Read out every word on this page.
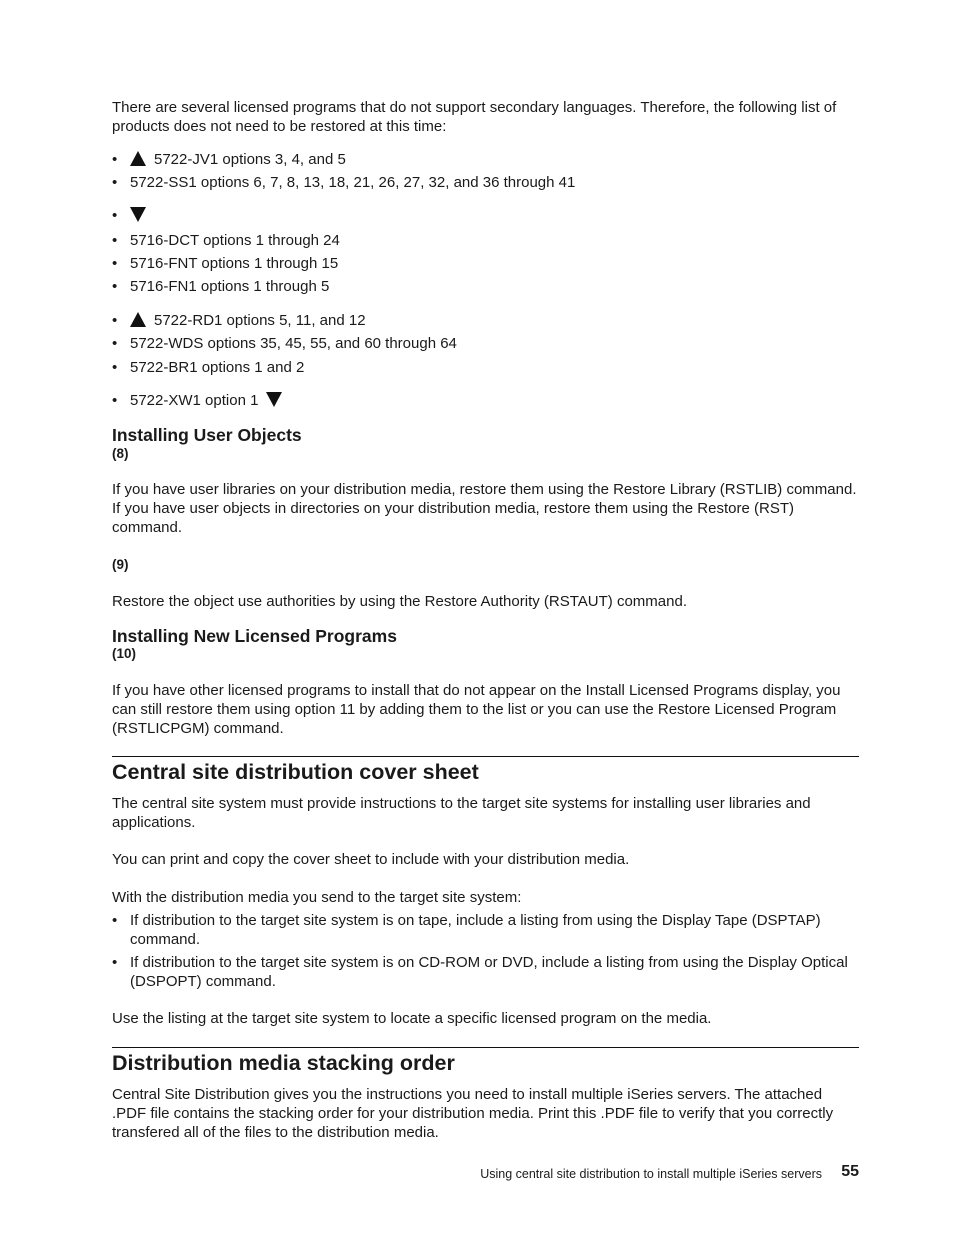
There are several licensed programs that do not support secondary languages. Therefore, the following list of products does not need to be restored at this time:

•	5722-JV1 options 3, 4, and 5
• 5722-SS1 options 6, 7, 8, 13, 18, 21, 26, 27, 32, and 36 through 41
•
• 5716-DCT options 1 through 24
• 5716-FNT options 1 through 15
• 5716-FN1 options 1 through 5
•	5722-RD1 options 5, 11, and 12
• 5722-WDS options 35, 45, 55, and 60 through 64
• 5722-BR1 options 1 and 2
• 5722-XW1 option 1
Installing User Objects
(8)

If you have user libraries on your distribution media, restore them using the Restore Library (RSTLIB) command. If you have user objects in directories on your distribution media, restore them using the Restore (RST) command.

(9)

Restore the object use authorities by using the Restore Authority (RSTAUT) command.

Installing New Licensed Programs
(10)

If you have other licensed programs to install that do not appear on the Install Licensed Programs display, you can still restore them using option 11 by adding them to the list or you can use the Restore Licensed Program (RSTLICPGM) command.

Central site distribution cover sheet

The central site system must provide instructions to the target site systems for installing user libraries and applications.

You can print and copy the cover sheet to include with your distribution media.

With the distribution media you send to the target site system:

• If distribution to the target site system is on tape, include a listing from using the Display Tape (DSPTAP) command.
• If distribution to the target site system is on CD-ROM or DVD, include a listing from using the Display Optical (DSPOPT) command.

Use the listing at the target site system to locate a specific licensed program on the media.

Distribution media stacking order

Central Site Distribution gives you the instructions you need to install multiple iSeries servers. The attached .PDF file contains the stacking order for your distribution media. Print this .PDF file to verify that you correctly transfered all of the files to the distribution media.

Using central site distribution to install multiple iSeries servers 55
